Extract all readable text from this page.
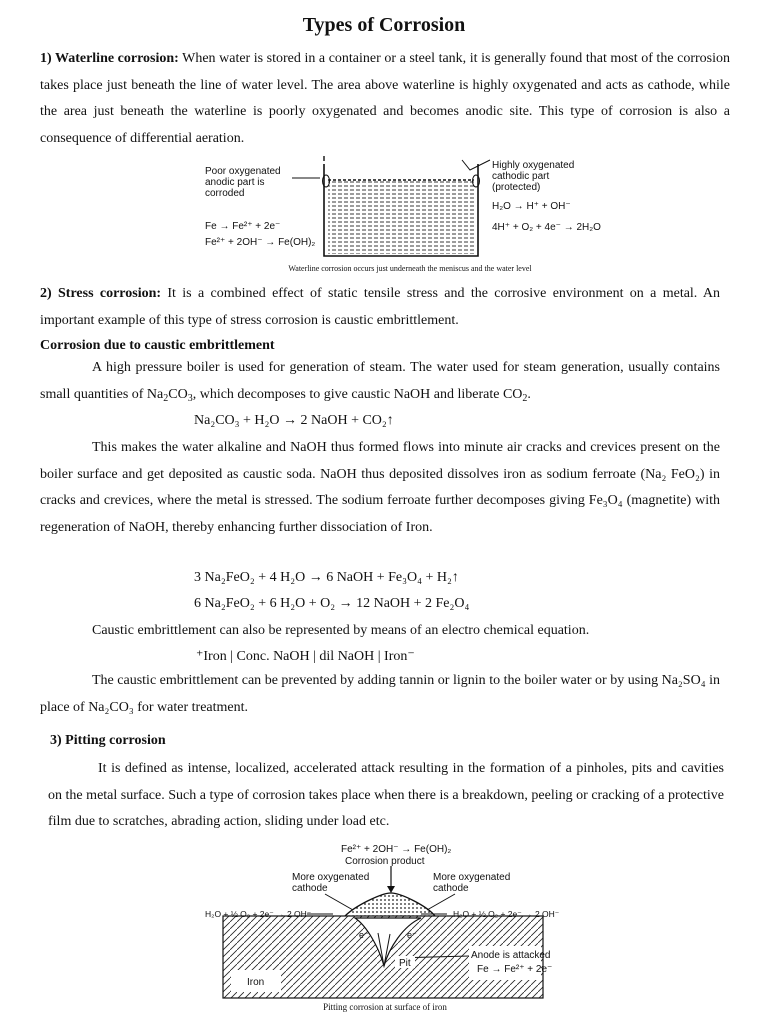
Types of Corrosion
1) Waterline corrosion: When water is stored in a container or a steel tank, it is generally found that most of the corrosion takes place just beneath the line of water level. The area above waterline is highly oxygenated and acts as cathode, while the area just beneath the waterline is poorly oxygenated and becomes anodic site. This type of corrosion is also a consequence of differential aeration.
Poor oxygenated
anodic part is
corroded
Fe → Fe²⁺ + 2e⁻
Fe²⁺ + 2OH⁻ → Fe(OH)₂
Highly oxygenated
cathodic part
(protected)
H₂O → H⁺ + OH⁻
4H⁺ + O₂ + 4e⁻ → 2H₂O
Waterline corrosion occurs just underneath the meniscus and the water level
2) Stress corrosion: It is a combined effect of static tensile stress and the corrosive environment on a metal. An important example of this type of stress corrosion is caustic embrittlement.
Corrosion due to caustic embrittlement
A high pressure boiler is used for generation of steam. The water used for steam generation, usually contains small quantities of $Na_2CO_3$, which decomposes to give caustic NaOH and liberate $CO_2$.
Na₂CO₃ + H₂O → 2 NaOH + CO₂↑
This makes the water alkaline and NaOH thus formed flows into minute air cracks and crevices present on the boiler surface and get deposited as caustic soda. NaOH thus deposited dissolves iron as sodium ferroate (Na₂ FeO₂) in cracks and crevices, where the metal is stressed. The sodium ferroate further decomposes giving Fe₃O₄ (magnetite) with regeneration of NaOH, thereby enhancing further dissociation of Iron.
3 Na₂FeO₂ + 4 H₂O → 6 NaOH + Fe₃O₄ + H₂↑
6 Na₂FeO₂ + 6 H₂O + O₂ → 12 NaOH + 2 Fe₂O₄
Caustic embrittlement can also be represented by means of an electro chemical equation.
⁺Iron | Conc. NaOH | dil NaOH | Iron⁻
The caustic embrittlement can be prevented by adding tannin or lignin to the boiler water or by using Na₂SO₄ in place of Na₂CO₃ for water treatment.
3) Pitting corrosion
It is defined as intense, localized, accelerated attack resulting in the formation of a pinholes, pits and cavities on the metal surface. Such a type of corrosion takes place when there is a breakdown, peeling or cracking of a protective film due to scratches, abrading action, sliding under load etc.
Fe²⁺ + 2OH⁻ → Fe(OH)₂
Corrosion product
More oxygenated
cathode
More oxygenated
cathode
H₂O + ½ O₂ + 2e⁻ → 2 OH⁻	H₂O + ½ O₂ + 2e⁻ → 2 OH⁻
e⁻	e⁻
Pit
Anode is attacked
Fe → Fe²⁺ + 2e⁻
Iron
Pitting corrosion at surface of iron
